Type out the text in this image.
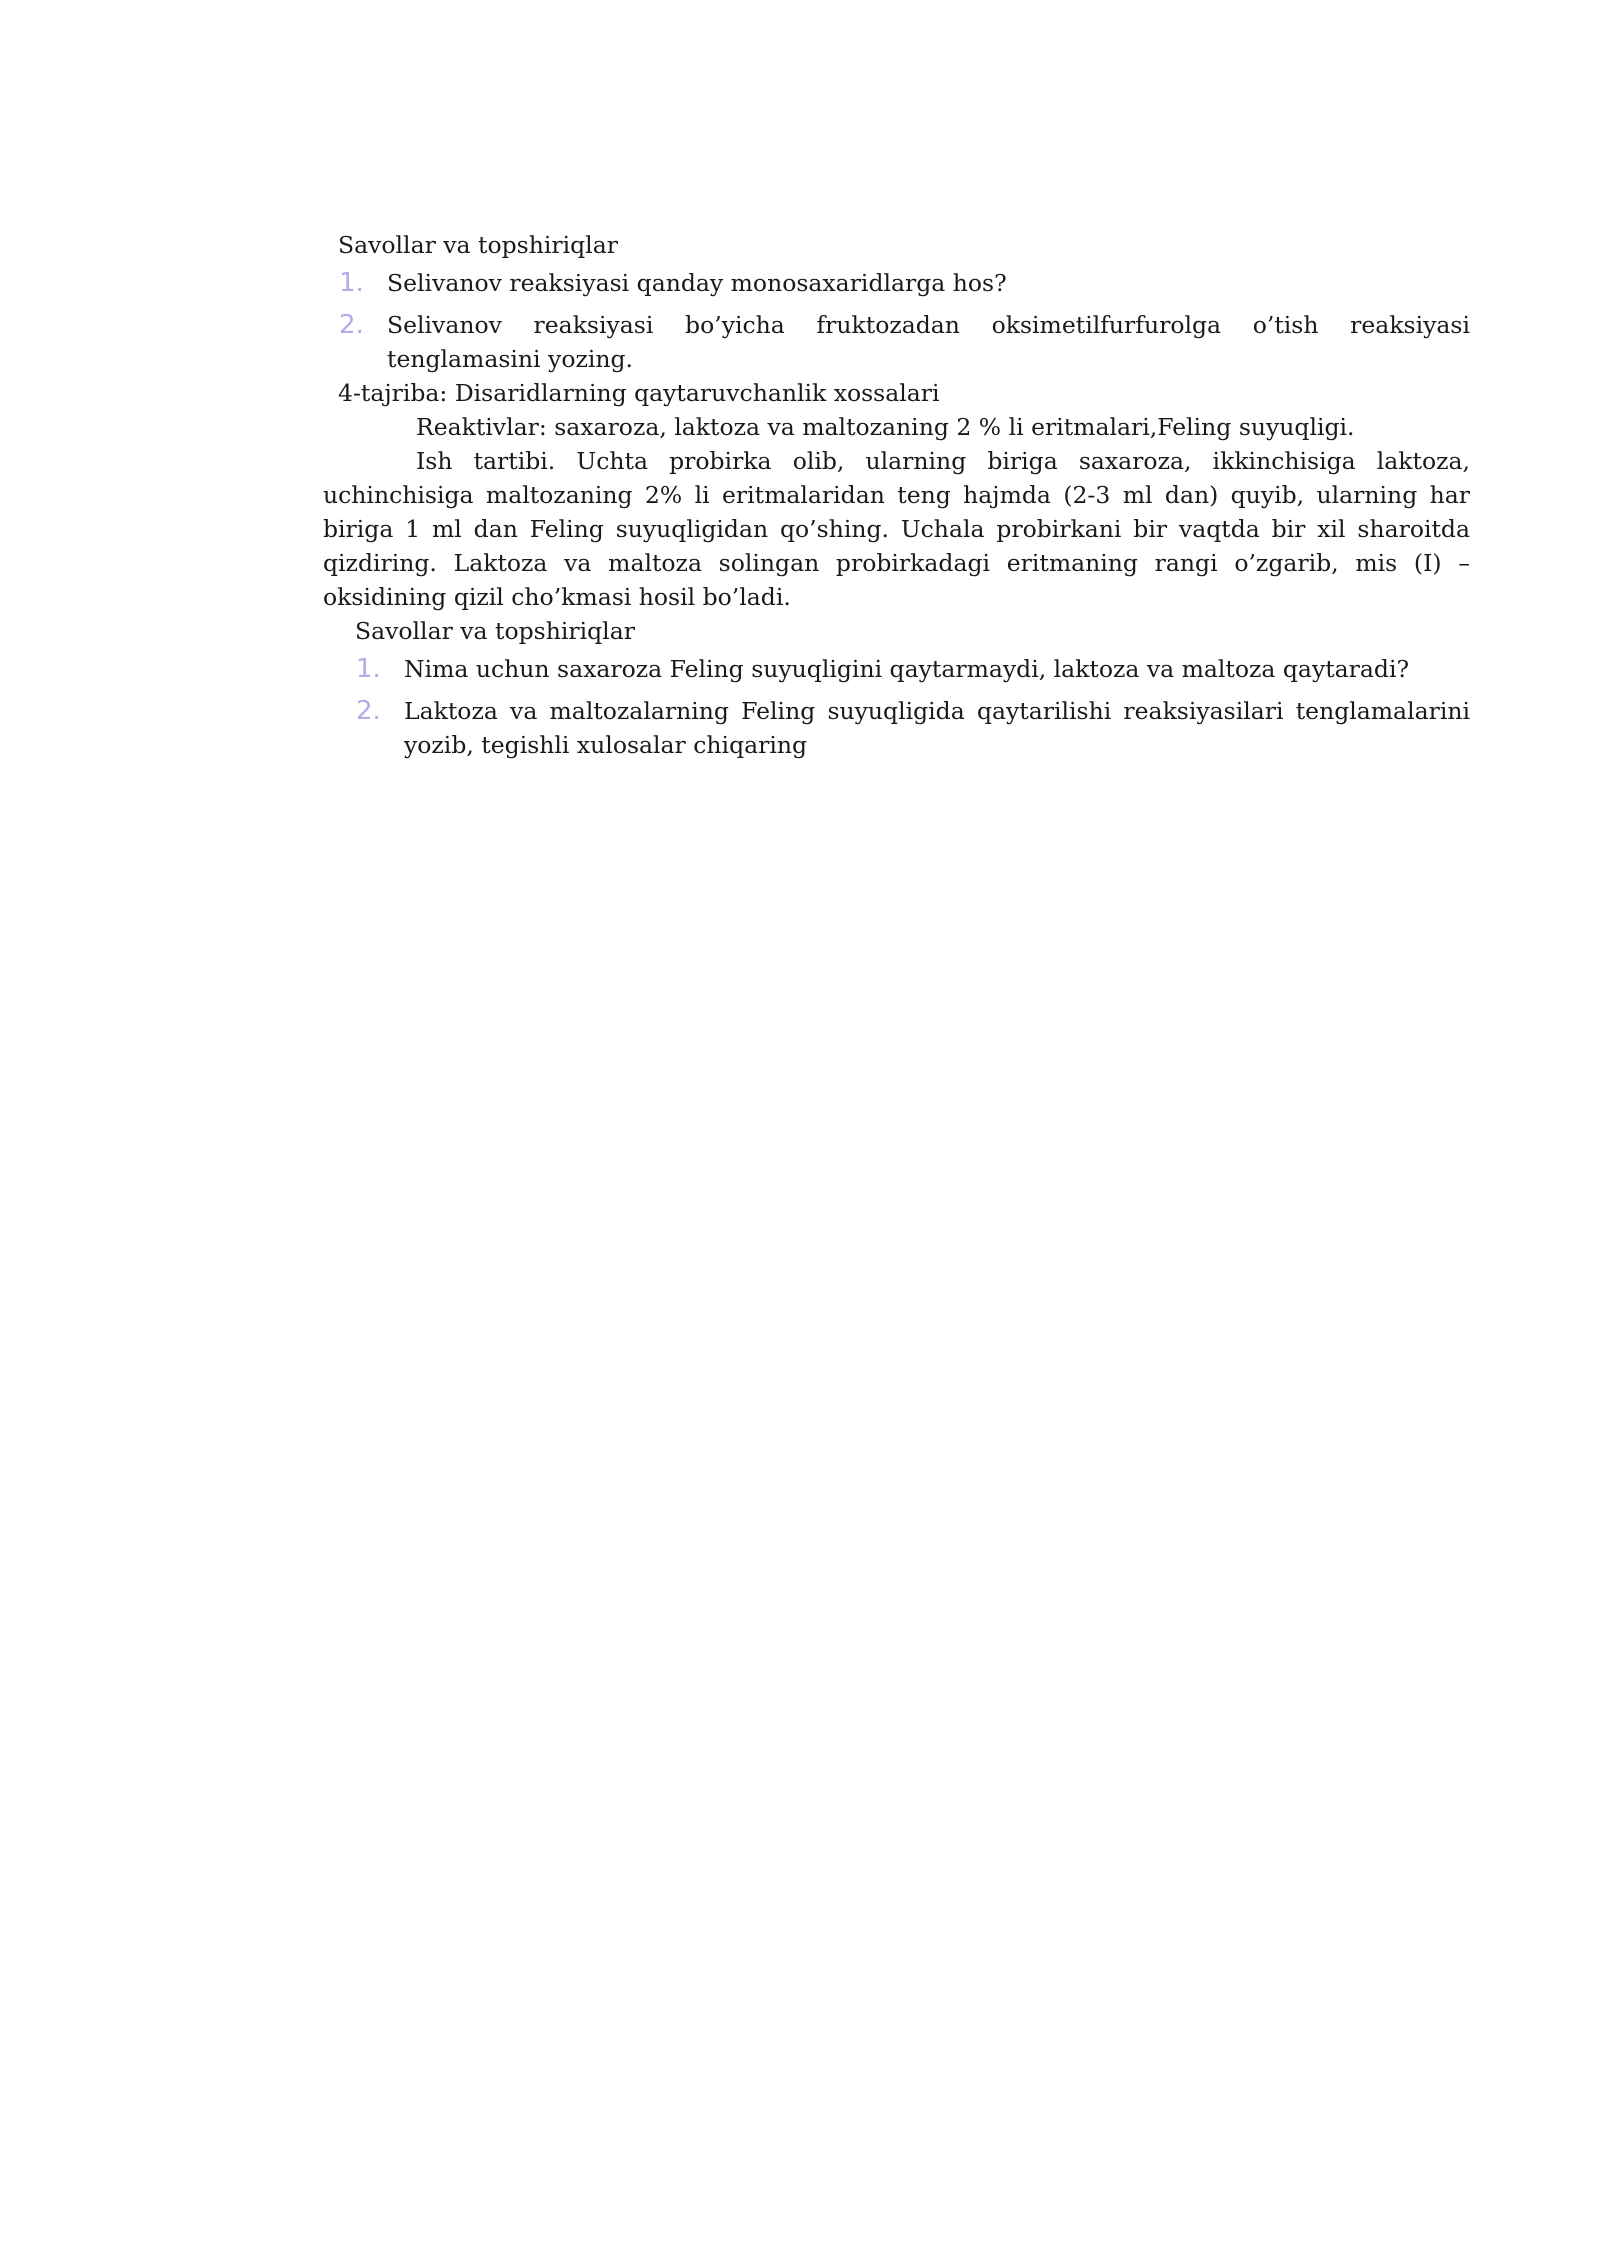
Savollar va topshiriqlar

1. Selivanov reaksiyasi qanday monosaxaridlarga hos?
2. Selivanov reaksiyasi bo’yicha fruktozadan oksimetilfurfurolga o’tish reaksiyasi tenglamasini yozing.

4-tajriba: Disaridlarning qaytaruvchanlik xossalari

Reaktivlar: saxaroza, laktoza va maltozaning 2 % li eritmalari,Feling suyuqligi.

Ish tartibi. Uchta probirka olib, ularning biriga saxaroza, ikkinchisiga laktoza, uchinchisiga maltozaning 2% li eritmalaridan teng hajmda (2-3 ml dan) quyib, ularning har biriga 1 ml dan Feling suyuqligidan qo’shing. Uchala probirkani bir vaqtda bir xil sharoitda qizdiring. Laktoza va maltoza solingan probirkadagi eritmaning rangi o’zgarib, mis (I) – oksidining qizil cho’kmasi hosil bo’ladi.

Savollar va topshiriqlar

1. Nima uchun saxaroza Feling suyuqligini qaytarmaydi, laktoza va maltoza qaytaradi?
2. Laktoza va maltozalarning Feling suyuqligida qaytarilishi reaksiyasilari tenglamalarini yozib, tegishli xulosalar chiqaring
